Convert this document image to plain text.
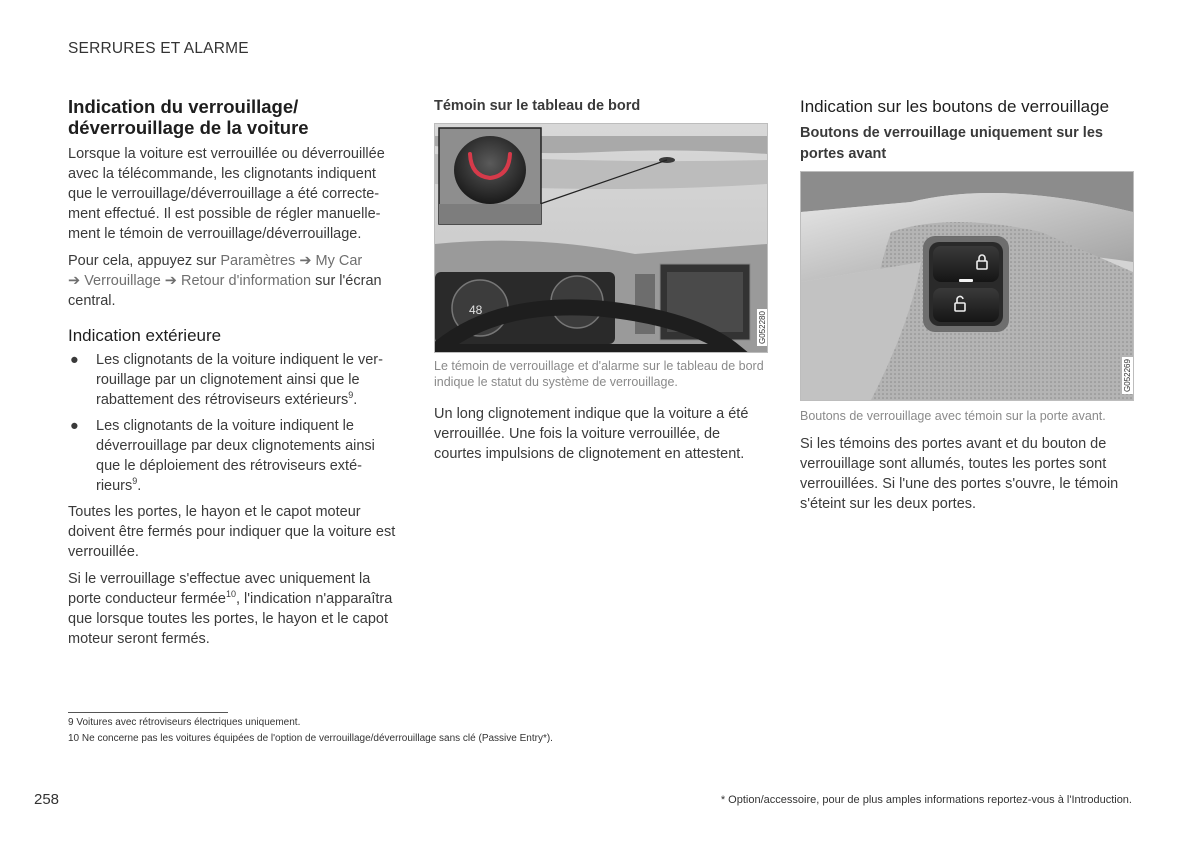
SERRURES ET ALARME
Indication du verrouillage/ déverrouillage de la voiture

Lorsque la voiture est verrouillée ou déverrouillée avec la télécommande, les clignotants indiquent que le verrouillage/déverrouillage a été correctement effectué. Il est possible de régler manuellement le témoin de verrouillage/déverrouillage.

Pour cela, appuyez sur Paramètres ➔ My Car
➔ Verrouillage ➔ Retour d'information sur l'écran central.

Indication extérieure
● Les clignotants de la voiture indiquent le verrouillage par un clignotement ainsi que le rabattement des rétroviseurs extérieurs$^9$.
● Les clignotants de la voiture indiquent le déverrouillage par deux clignotements ainsi que le déploiement des rétroviseurs extérieurs$^9$.

Toutes les portes, le hayon et le capot moteur doivent être fermés pour indiquer que la voiture est verrouillée.

Si le verrouillage s'effectue avec uniquement la porte conducteur fermée$^{10}$, l'indication n'apparaîtra que lorsque toutes les portes, le hayon et le capot moteur seront fermés.

Témoin sur le tableau de bord
48
G052280
Le témoin de verrouillage et d'alarme sur le tableau de bord indique le statut du système de verrouillage.

Un long clignotement indique que la voiture a été verrouillée. Une fois la voiture verrouillée, de courtes impulsions de clignotement en attestent.

Indication sur les boutons de verrouillage
Boutons de verrouillage uniquement sur les portes avant
G052269
Boutons de verrouillage avec témoin sur la porte avant.

Si les témoins des portes avant et du bouton de verrouillage sont allumés, toutes les portes sont verrouillées. Si l'une des portes s'ouvre, le témoin s'éteint sur les deux portes.

9 Voitures avec rétroviseurs électriques uniquement.
10 Ne concerne pas les voitures équipées de l'option de verrouillage/déverrouillage sans clé (Passive Entry*).
258	* Option/accessoire, pour de plus amples informations reportez-vous à l'Introduction.
